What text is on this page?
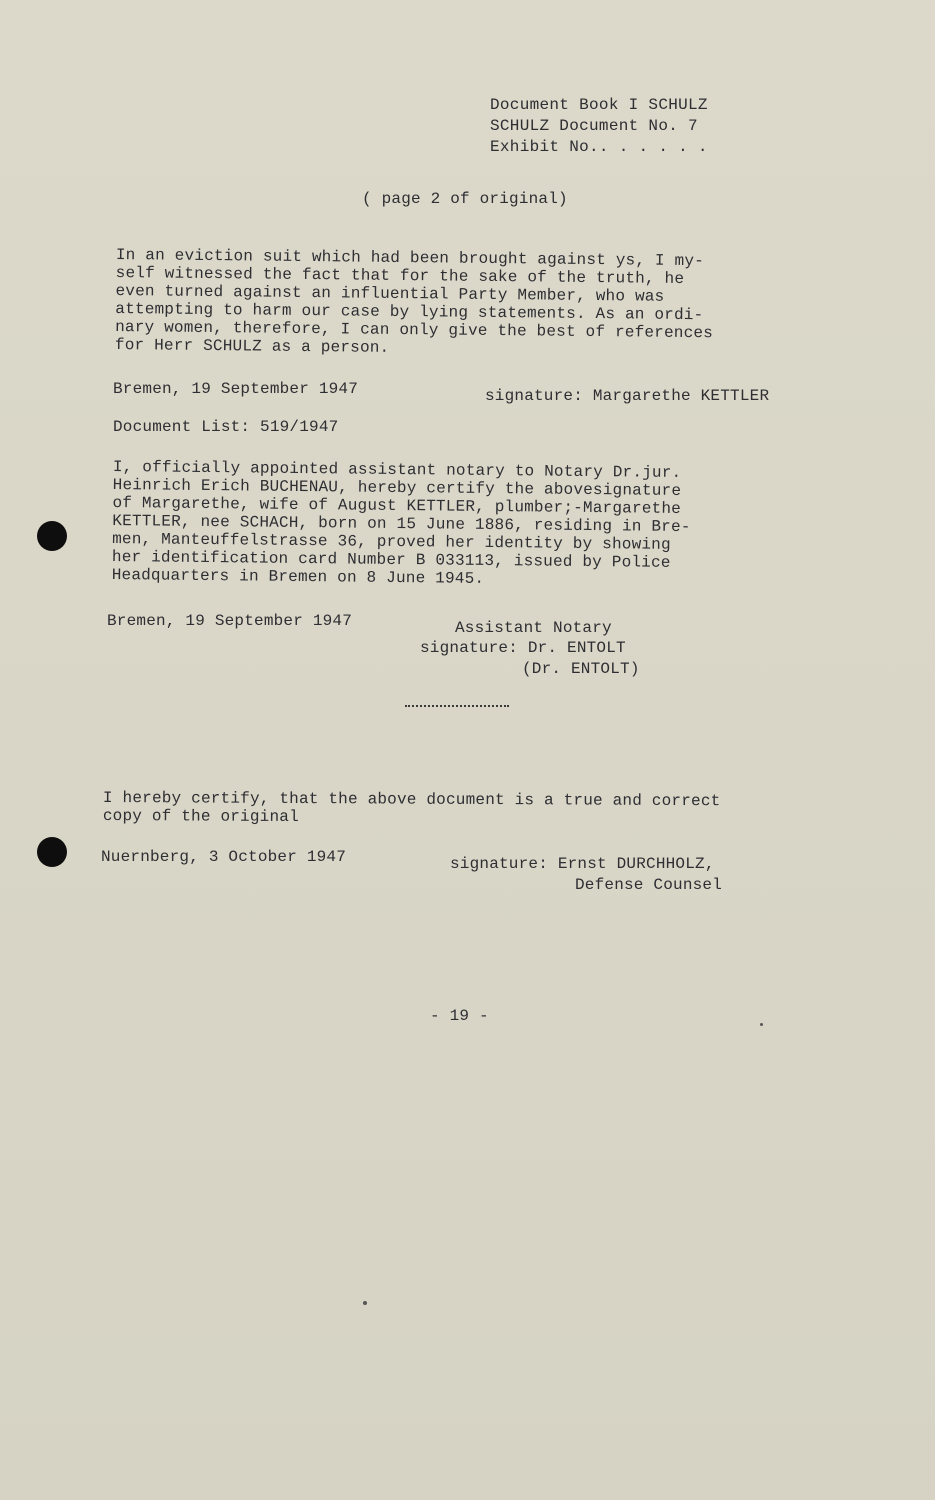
Document Book I SCHULZ
SCHULZ Document No. 7
Exhibit No.. . . . . .
( page 2 of original)
In an eviction suit which had been brought against ys, I my-
self witnessed the fact that for the sake of the truth, he
even turned against an influential Party Member, who was
attempting to harm our case by lying statements. As an ordi-
nary women, therefore, I can only give the best of references
for Herr SCHULZ as a person.
Bremen, 19 September 1947	signature: Margarethe KETTLER
Document List: 519/1947
I, officially appointed assistant notary to Notary Dr.jur.
Heinrich Erich BUCHENAU, hereby certify the abovesignature
of Margarethe, wife of August KETTLER, plumber;-Margarethe
KETTLER, nee SCHACH, born on 15 June 1886, residing in Bre-
men, Manteuffelstrasse 36, proved her identity by showing
her identification card Number B 033113, issued by Police
Headquarters in Bremen on 8 June 1945.
Bremen, 19 September 1947	Assistant Notary
signature: Dr. ENTOLT
(Dr. ENTOLT)
I hereby certify, that the above document is a true and correct
copy of the original
Nuernberg, 3 October 1947	signature: Ernst DURCHHOLZ,
Defense Counsel
- 19 -
